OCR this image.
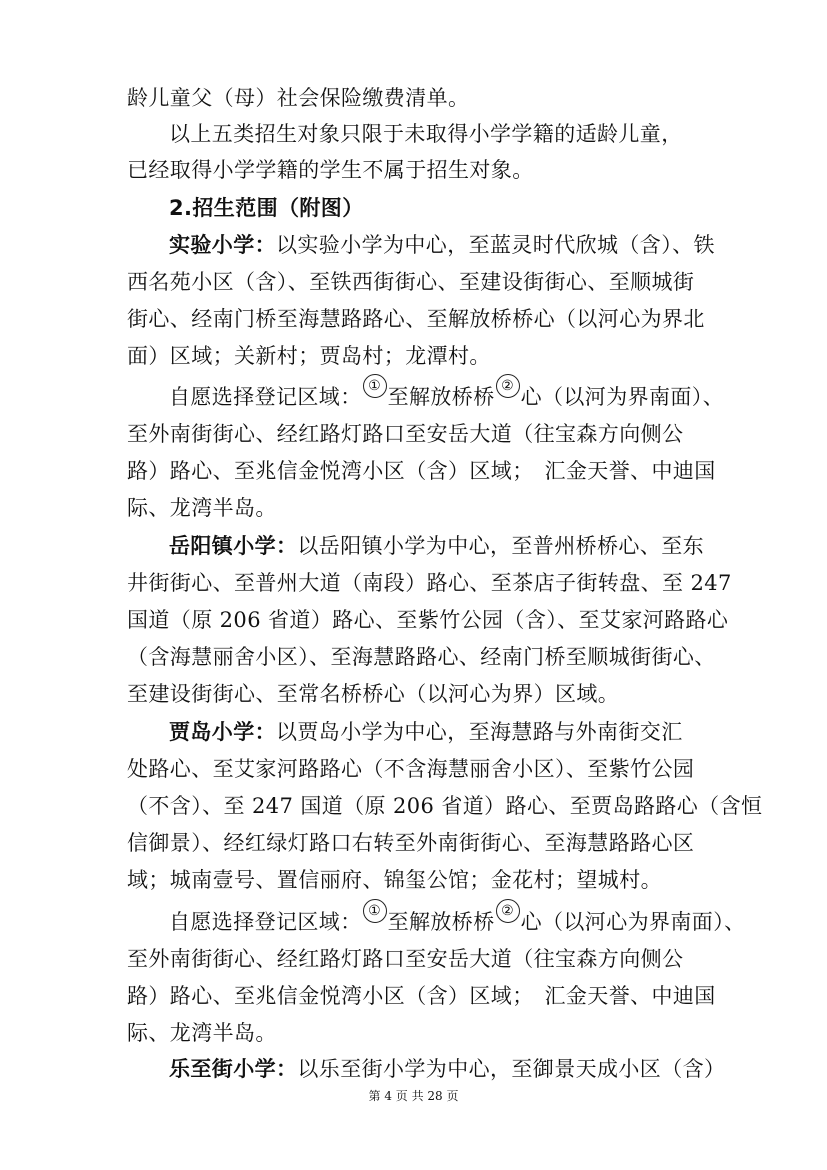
龄儿童父（母）社会保险缴费清单。
以上五类招生对象只限于未取得小学学籍的适龄儿童，
已经取得小学学籍的学生不属于招生对象。
2.招生范围（附图）
实验小学：以实验小学为中心，至蓝灵时代欣城（含）、铁
西名苑小区（含）、至铁西街街心、至建设街街心、至顺城街
街心、经南门桥至海慧路路心、至解放桥桥心（以河心为界北
面）区域；关新村；贾岛村；龙潭村。
自愿选择登记区域： ① 至解放桥桥 ② 心（以河为界南面）、
至外南街街心、经红路灯路口至安岳大道（往宝森方向侧公
路）路心、至兆信金悦湾小区（含）区域；　汇金天誉、中迪国
际、龙湾半岛。
岳阳镇小学：以岳阳镇小学为中心，至普州桥桥心、至东
井街街心、至普州大道（南段）路心、至茶店子街转盘、至 247
国道（原 206 省道）路心、至紫竹公园（含）、至艾家河路路心
（含海慧丽舍小区）、至海慧路路心、经南门桥至顺城街街心、
至建设街街心、至常名桥桥心（以河心为界）区域。
贾岛小学：以贾岛小学为中心，至海慧路与外南街交汇
处路心、至艾家河路路心（不含海慧丽舍小区）、至紫竹公园
（不含）、至 247 国道（原 206 省道）路心、至贾岛路路心（含恒
信御景）、经红绿灯路口右转至外南街街心、至海慧路路心区
域；城南壹号、置信丽府、锦玺公馆；金花村；望城村。
自愿选择登记区域： ① 至解放桥桥 ② 心（以河心为界南面）、
至外南街街心、经红路灯路口至安岳大道（往宝森方向侧公
路）路心、至兆信金悦湾小区（含）区域；　汇金天誉、中迪国
际、龙湾半岛。
乐至街小学：以乐至街小学为中心，至御景天成小区（含）
第 4 页 共 28 页
